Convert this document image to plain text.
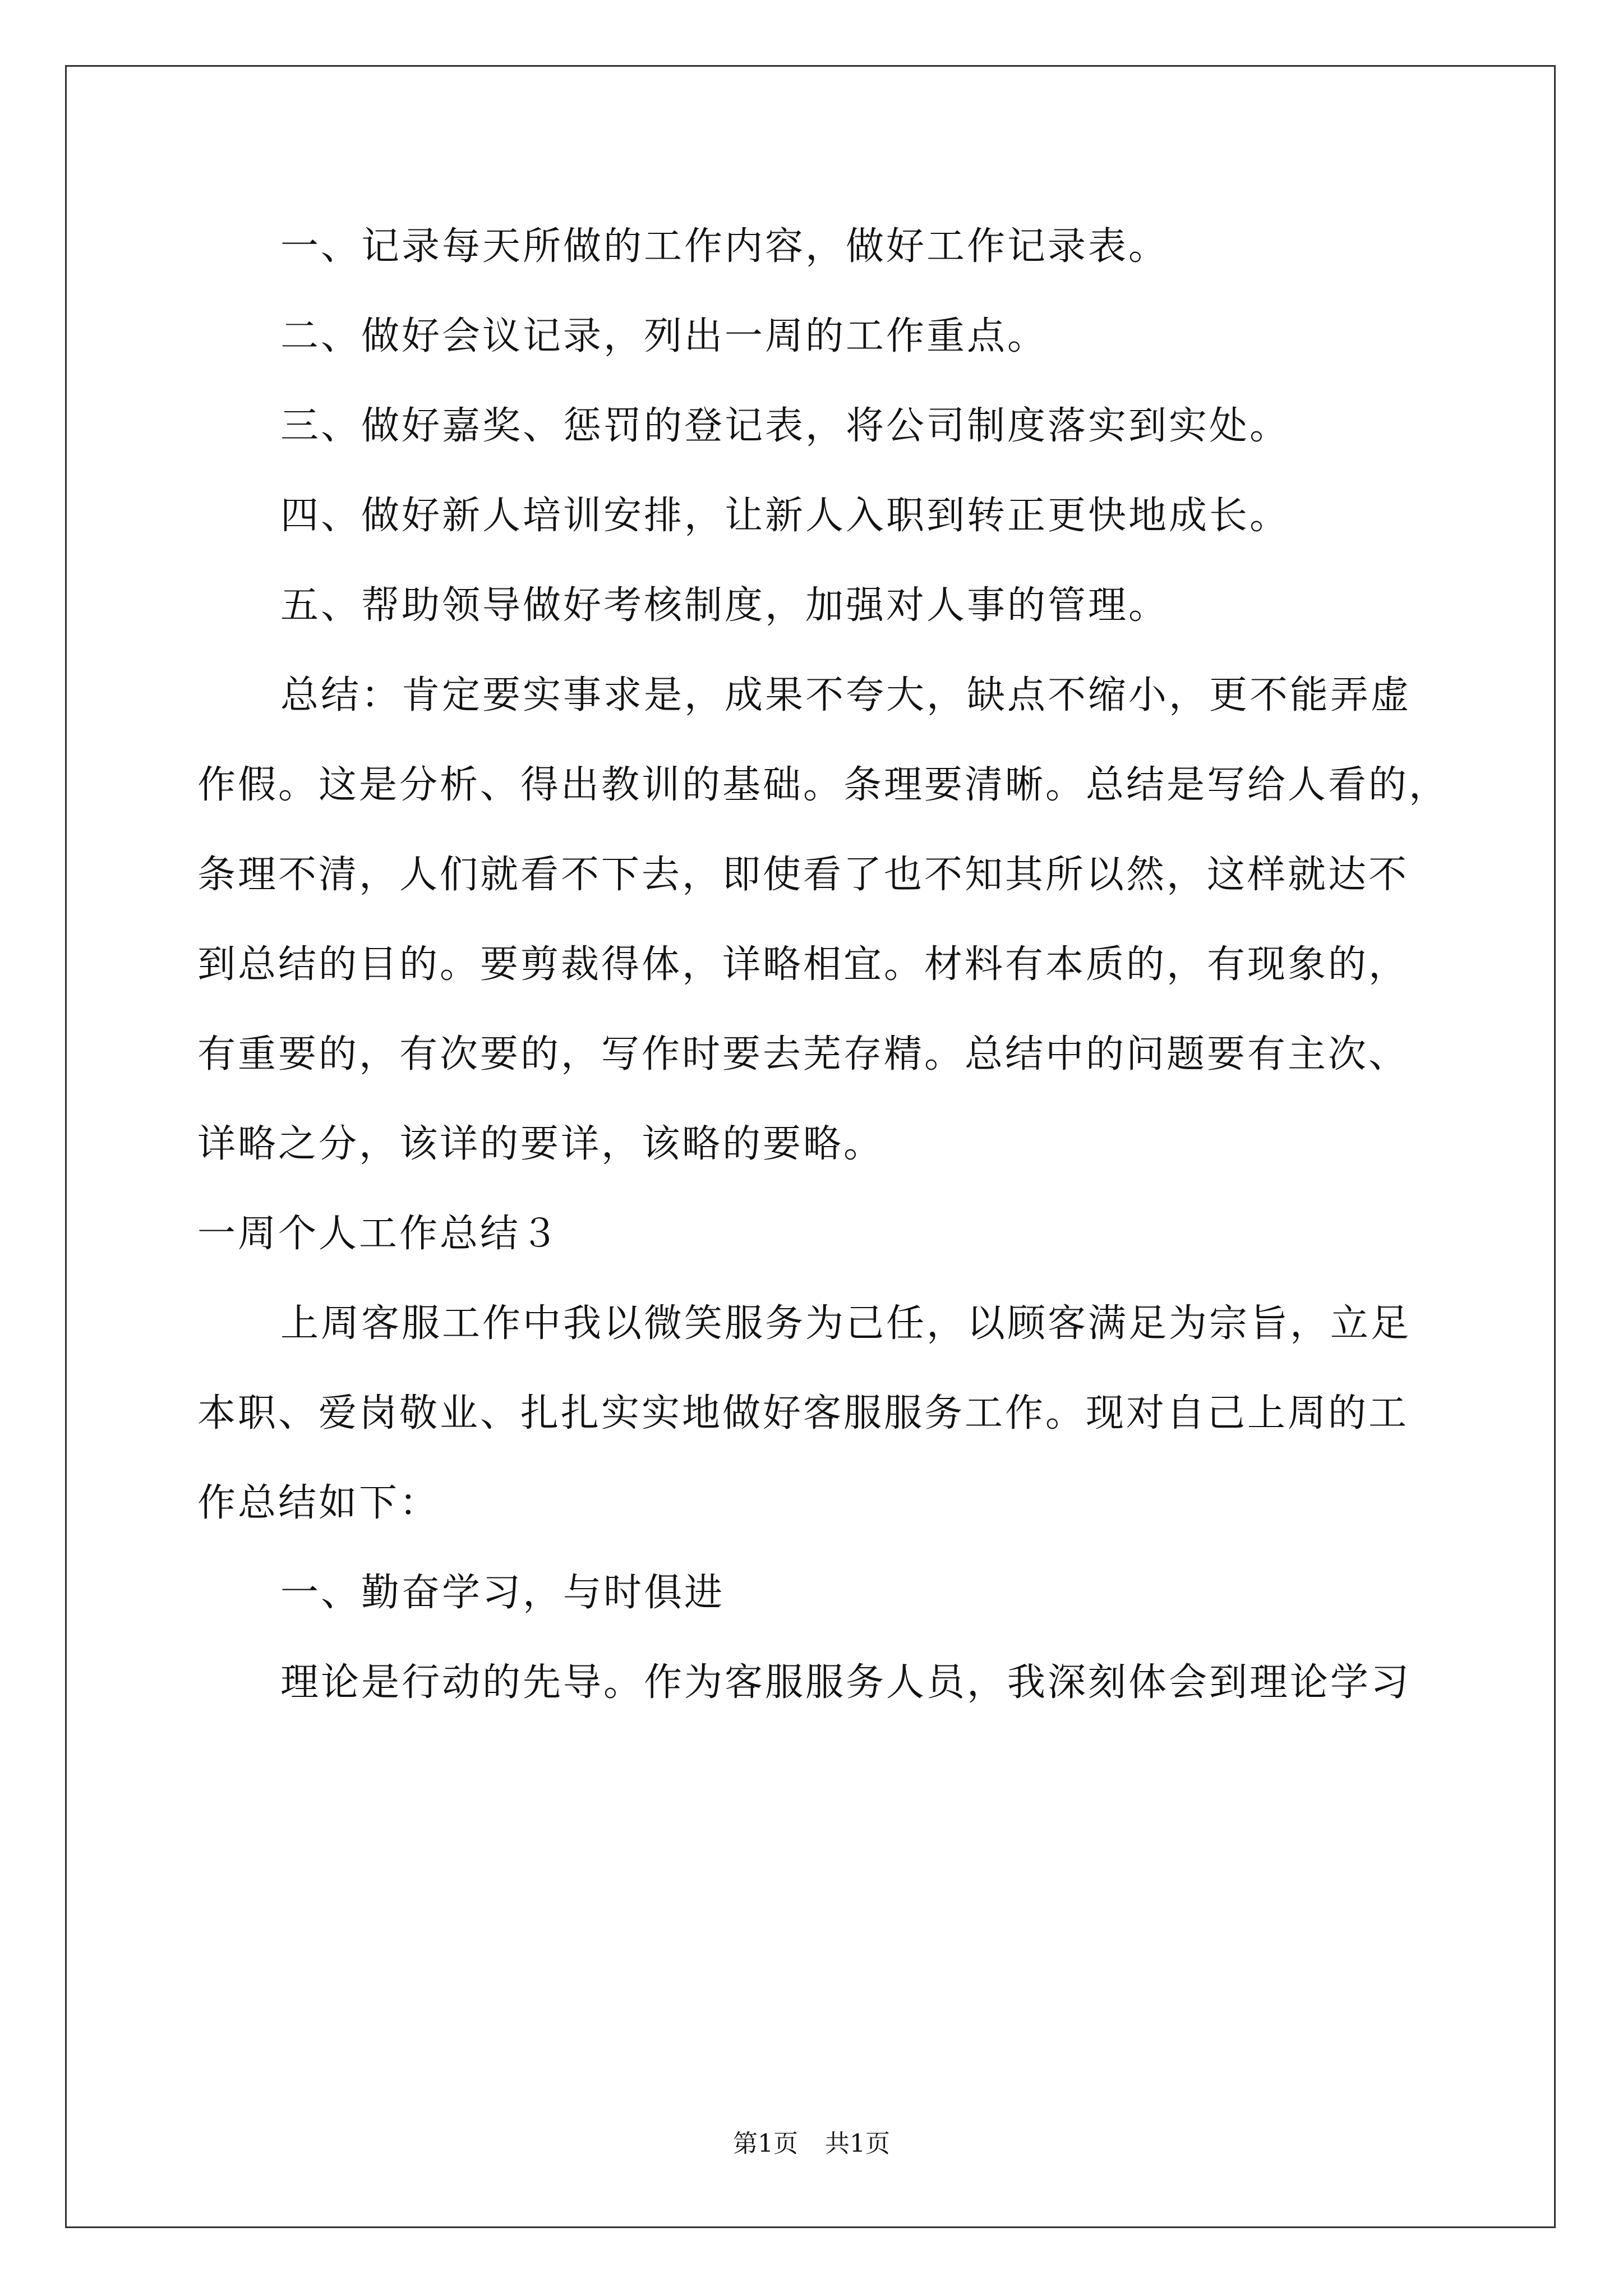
一、记录每天所做的工作内容，做好工作记录表。
二、做好会议记录，列出一周的工作重点。
三、做好嘉奖、惩罚的登记表，将公司制度落实到实处。
四、做好新人培训安排，让新人入职到转正更快地成长。
五、帮助领导做好考核制度，加强对人事的管理。
总结：肯定要实事求是，成果不夸大，缺点不缩小，更不能弄虚
作假。这是分析、得出教训的基础。条理要清晰。总结是写给人看的，
条理不清，人们就看不下去，即使看了也不知其所以然，这样就达不
到总结的目的。要剪裁得体，详略相宜。材料有本质的，有现象的，
有重要的，有次要的，写作时要去芜存精。总结中的问题要有主次、
详略之分，该详的要详，该略的要略。
一周个人工作总结３
上周客服工作中我以微笑服务为己任，以顾客满足为宗旨，立足
本职、爱岗敬业、扎扎实实地做好客服服务工作。现对自己上周的工
作总结如下：
一、勤奋学习，与时俱进
理论是行动的先导。作为客服服务人员，我深刻体会到理论学习
第1页 共1页
